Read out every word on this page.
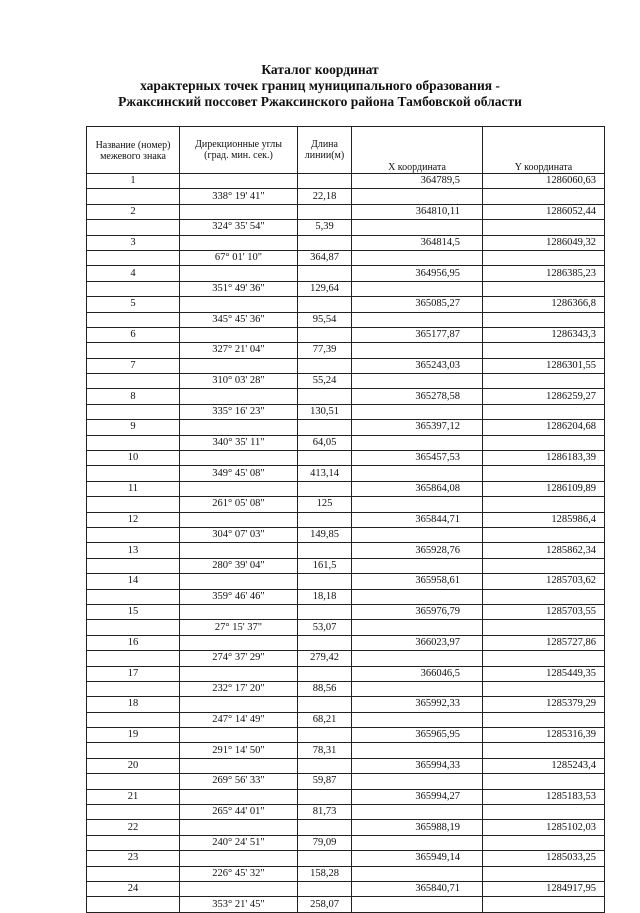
Каталог координат
характерных точек границ муниципального образования -
Ржаксинский поссовет Ржаксинского района Тамбовской области
Название (номер) межевого знака	Дирекционные углы (град. мин. сек.)	Длина линии(м)	X координата	Y координата
1			364789,5	1286060,63
	338° 19' 41"	22,18		
2			364810,11	1286052,44
	324° 35' 54"	5,39		
3			364814,5	1286049,32
	67° 01' 10"	364,87		
4			364956,95	1286385,23
	351° 49' 36"	129,64		
5			365085,27	1286366,8
	345° 45' 36"	95,54		
6			365177,87	1286343,3
	327° 21' 04"	77,39		
7			365243,03	1286301,55
	310° 03' 28"	55,24		
8			365278,58	1286259,27
	335° 16' 23"	130,51		
9			365397,12	1286204,68
	340° 35' 11"	64,05		
10			365457,53	1286183,39
	349° 45' 08"	413,14		
11			365864,08	1286109,89
	261° 05' 08"	125		
12			365844,71	1285986,4
	304° 07' 03"	149,85		
13			365928,76	1285862,34
	280° 39' 04"	161,5		
14			365958,61	1285703,62
	359° 46' 46"	18,18		
15			365976,79	1285703,55
	27° 15' 37"	53,07		
16			366023,97	1285727,86
	274° 37' 29"	279,42		
17			366046,5	1285449,35
	232° 17' 20"	88,56		
18			365992,33	1285379,29
	247° 14' 49"	68,21		
19			365965,95	1285316,39
	291° 14' 50"	78,31		
20			365994,33	1285243,4
	269° 56' 33"	59,87		
21			365994,27	1285183,53
	265° 44' 01"	81,73		
22			365988,19	1285102,03
	240° 24' 51"	79,09		
23			365949,14	1285033,25
	226° 45' 32"	158,28		
24			365840,71	1284917,95
	353° 21' 45"	258,07		
